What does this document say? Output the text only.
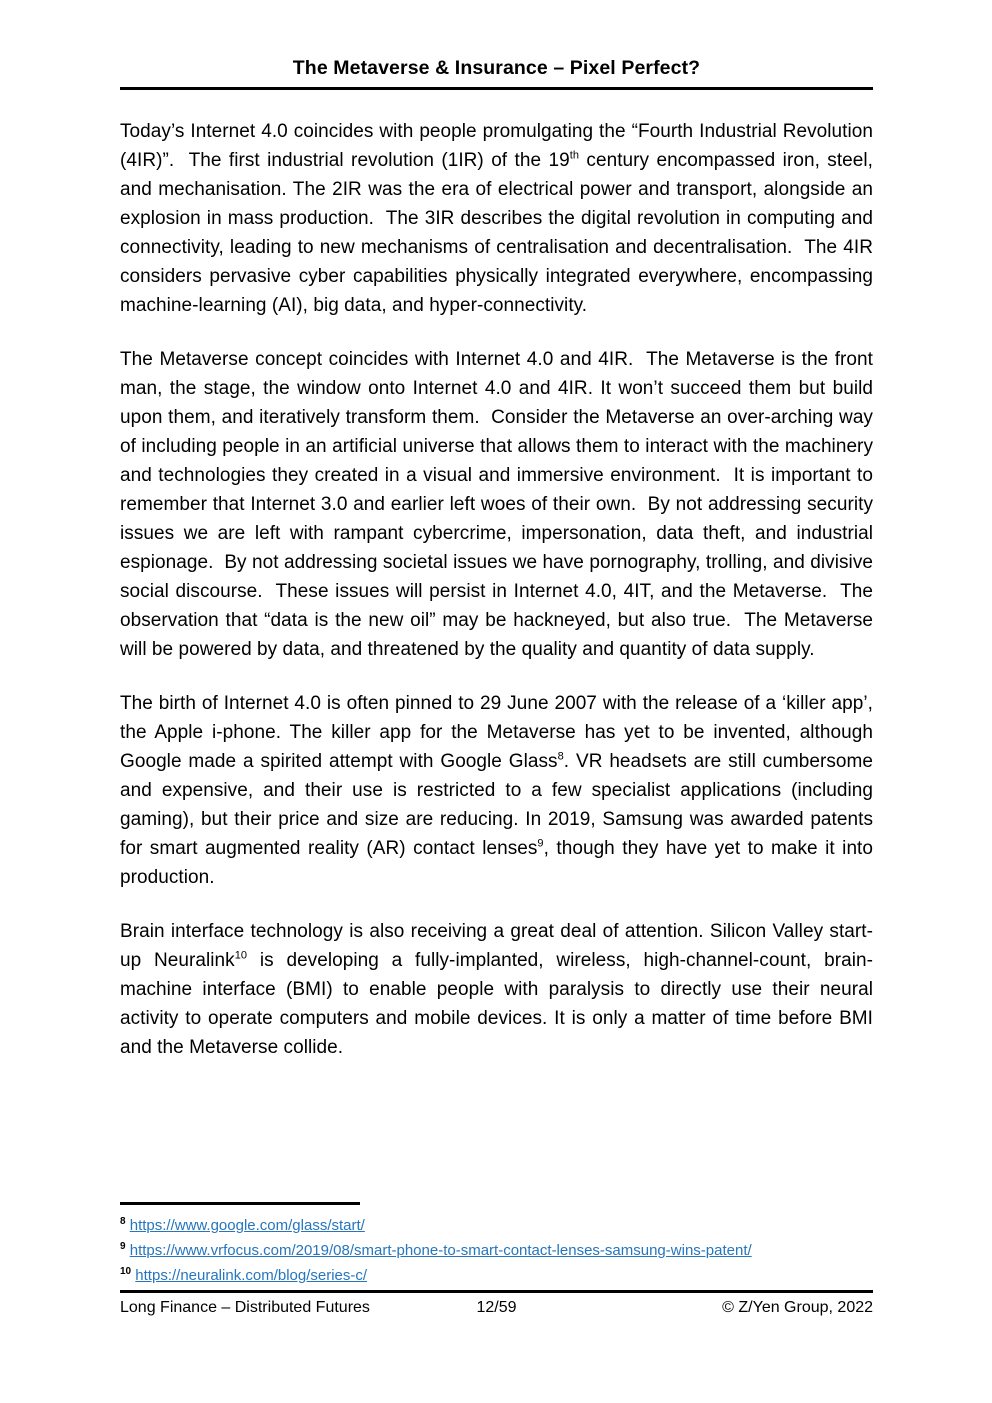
The Metaverse & Insurance – Pixel Perfect?

Today’s Internet 4.0 coincides with people promulgating the “Fourth Industrial Revolution (4IR)”.  The first industrial revolution (1IR) of the 19th century encompassed iron, steel, and mechanisation. The 2IR was the era of electrical power and transport, alongside an explosion in mass production.  The 3IR describes the digital revolution in computing and connectivity, leading to new mechanisms of centralisation and decentralisation.  The 4IR considers pervasive cyber capabilities physically integrated everywhere, encompassing machine-learning (AI), big data, and hyper-connectivity.

The Metaverse concept coincides with Internet 4.0 and 4IR.  The Metaverse is the front man, the stage, the window onto Internet 4.0 and 4IR. It won’t succeed them but build upon them, and iteratively transform them.  Consider the Metaverse an over-arching way of including people in an artificial universe that allows them to interact with the machinery and technologies they created in a visual and immersive environment.  It is important to remember that Internet 3.0 and earlier left woes of their own.  By not addressing security issues we are left with rampant cybercrime, impersonation, data theft, and industrial espionage.  By not addressing societal issues we have pornography, trolling, and divisive social discourse.  These issues will persist in Internet 4.0, 4IT, and the Metaverse.  The observation that “data is the new oil” may be hackneyed, but also true.  The Metaverse will be powered by data, and threatened by the quality and quantity of data supply.

The birth of Internet 4.0 is often pinned to 29 June 2007 with the release of a ‘killer app’, the Apple i-phone. The killer app for the Metaverse has yet to be invented, although Google made a spirited attempt with Google Glass$^8$. VR headsets are still cumbersome and expensive, and their use is restricted to a few specialist applications (including gaming), but their price and size are reducing. In 2019, Samsung was awarded patents for smart augmented reality (AR) contact lenses$^9$, though they have yet to make it into production.

Brain interface technology is also receiving a great deal of attention. Silicon Valley start-up Neuralink$^{10}$ is developing a fully-implanted, wireless, high-channel-count, brain-machine interface (BMI) to enable people with paralysis to directly use their neural activity to operate computers and mobile devices. It is only a matter of time before BMI and the Metaverse collide.

$^8$ https://www.google.com/glass/start/
$^9$ https://www.vrfocus.com/2019/08/smart-phone-to-smart-contact-lenses-samsung-wins-patent/
$^{10}$ https://neuralink.com/blog/series-c/
Long Finance – Distributed Futures	12/59	© Z/Yen Group, 2022
